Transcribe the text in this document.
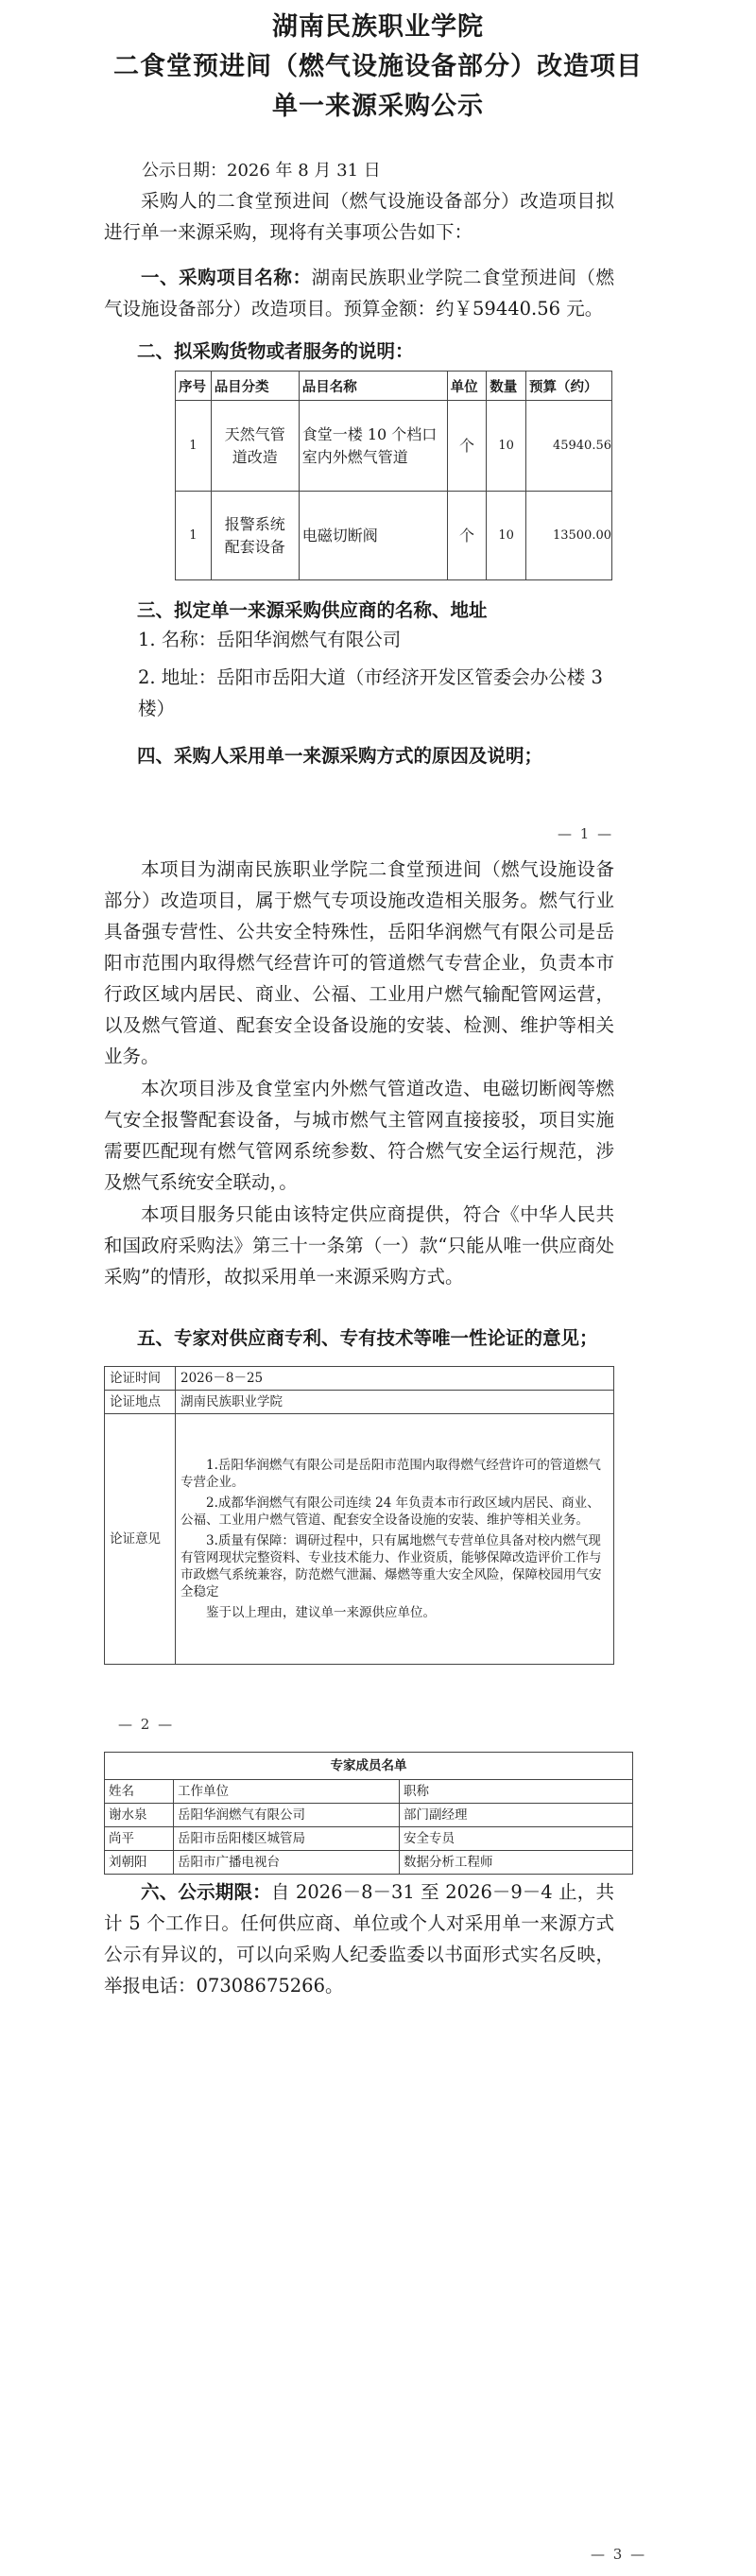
湖南民族职业学院
二食堂预进间（燃气设施设备部分）改造项目
单一来源采购公示
公示日期：2026 年 8 月 31 日
采购人的二食堂预进间（燃气设施设备部分）改造项目拟进行单一来源采购，现将有关事项公告如下：
一、采购项目名称：湖南民族职业学院二食堂预进间（燃气设施设备部分）改造项目。预算金额：约￥59440.56 元。
二、拟采购货物或者服务的说明：
序号	品目分类	品目名称	单位	数量	预算（约）
1	天然气管道改造	食堂一楼 10 个档口室内外燃气管道	个	10	45940.56
1	报警系统配套设备	电磁切断阀	个	10	13500.00
三、拟定单一来源采购供应商的名称、地址
1. 名称：岳阳华润燃气有限公司
2. 地址：岳阳市岳阳大道（市经济开发区管委会办公楼 3 楼）
四、采购人采用单一来源采购方式的原因及说明；
— 1 —
本项目为湖南民族职业学院二食堂预进间（燃气设施设备部分）改造项目，属于燃气专项设施改造相关服务。燃气行业具备强专营性、公共安全特殊性，岳阳华润燃气有限公司是岳阳市范围内取得燃气经营许可的管道燃气专营企业，负责本市行政区域内居民、商业、公福、工业用户燃气输配管网运营，以及燃气管道、配套安全设备设施的安装、检测、维护等相关业务。
本次项目涉及食堂室内外燃气管道改造、电磁切断阀等燃气安全报警配套设备，与城市燃气主管网直接接驳，项目实施需要匹配现有燃气管网系统参数、符合燃气安全运行规范，涉及燃气系统安全联动，。
本项目服务只能由该特定供应商提供，符合《中华人民共和国政府采购法》第三十一条第（一）款“只能从唯一供应商处采购”的情形，故拟采用单一来源采购方式。
五、专家对供应商专利、专有技术等唯一性论证的意见；
论证时间	2026－8－25
论证地点	湖南民族职业学院
论证意见	1.岳阳华润燃气有限公司是岳阳市范围内取得燃气经营许可的管道燃气专营企业。

2.成都华润燃气有限公司连续 24 年负责本市行政区域内居民、商业、公福、工业用户燃气管道、配套安全设备设施的安装、维护等相关业务。

3.质量有保障：调研过程中，只有属地燃气专营单位具备对校内燃气现有管网现状完整资料、专业技术能力、作业资质，能够保障改造评价工作与市政燃气系统兼容，防范燃气泄漏、爆燃等重大安全风险，保障校园用气安全稳定

鉴于以上理由，建议单一来源供应单位。

— 2 —
专家成员名单		
姓名	工作单位	职称
谢水泉	岳阳华润燃气有限公司	部门副经理
尚平	岳阳市岳阳楼区城管局	安全专员
刘朝阳	岳阳市广播电视台	数据分析工程师
六、公示期限：自 2026－8－31 至 2026－9－4 止，共计 5 个工作日。任何供应商、单位或个人对采用单一来源方式公示有异议的，可以向采购人纪委监委以书面形式实名反映，举报电话：07308675266。
— 3 —
